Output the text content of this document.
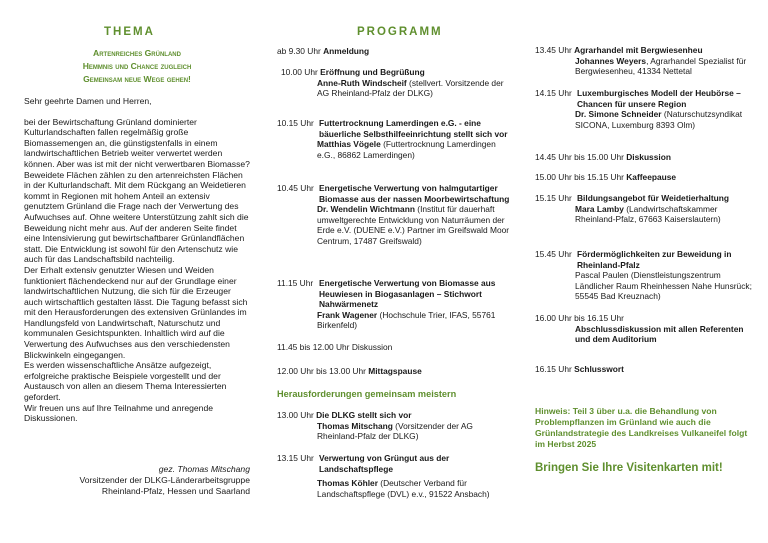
THEMA
Artenreiches Grünland
Hemmnis und Chance zugleich
Gemeinsam neue Wege gehen!

Sehr geehrte Damen und Herren,

bei der Bewirtschaftung Grünland dominierter Kulturlandschaften fallen regelmäßig große Biomassemengen an, die günstigstenfalls in einem landwirtschaftlichen Betrieb weiter verwertet werden können. Aber was ist mit der nicht verwertbaren Biomasse?

Beweidete Flächen zählen zu den artenreichsten Flächen in der Kulturlandschaft. Mit dem Rückgang an Weidetieren kommt in Regionen mit hohem Anteil an extensiv genutztem Grünland die Frage nach der Verwertung des Aufwuchses auf. Ohne weitere Unterstützung zahlt sich die Beweidung nicht mehr aus. Auf der anderen Seite findet eine Intensivierung gut bewirtschaftbarer Grünlandflächen statt. Die Entwicklung ist sowohl für den Artenschutz wie auch für das Landschaftsbild nachteilig.

Der Erhalt extensiv genutzter Wiesen und Weiden funktioniert flächendeckend nur auf der Grundlage einer landwirtschaftlichen Nutzung, die sich für die Erzeuger auch wirtschaftlich gestalten lässt. Die Tagung befasst sich mit den Herausforderungen des extensiven Grünlandes im Handlungsfeld von Landwirtschaft, Naturschutz und kommunalen Gesichtspunkten. Inhaltlich wird auf die Verwertung des Aufwuchses aus den verschiedensten Blickwinkeln eingegangen.

Es werden wissenschaftliche Ansätze aufgezeigt, erfolgreiche praktische Beispiele vorgestellt und der Austausch von allen an diesem Thema Interessierten gefordert.

Wir freuen uns auf Ihre Teilnahme und anregende Diskussionen.

gez. Thomas Mitschang
Vorsitzender der DLKG-Länderarbeitsgruppe
Rheinland-Pfalz, Hessen und Saarland
PROGRAMM
ab 9.30 Uhr Anmeldung
10.00 Uhr Eröffnung und Begrüßung
Anne-Ruth Windscheif (stellvert. Vorsitzende der AG Rheinland-Pfalz der DLKG)
10.15 Uhr Futtertrocknung Lamerdingen e.G. - eine bäuerliche Selbsthilfeeinrichtung stellt sich vor
Matthias Vögele (Futtertrocknung Lamerdingen e.G., 86862 Lamerdingen)
10.45 Uhr Energetische Verwertung von halmgutartiger Biomasse aus der nassen Moorbewirtschaftung
Dr. Wendelin Wichtmann (Institut für dauerhaft umweltgerechte Entwicklung von Naturräumen der Erde e.V. (DUENE e.V.) Partner im Greifswald Moor Centrum, 17487 Greifswald)
11.15 Uhr Energetische Verwertung von Biomasse aus Heuwiesen in Biogasanlagen – Stichwort Nahwärmenetz
Frank Wagener (Hochschule Trier, IFAS, 55761 Birkenfeld)
11.45 bis 12.00 Uhr Diskussion
12.00 Uhr bis 13.00 Uhr Mittagspause
Herausforderungen gemeinsam meistern
13.00 Uhr Die DLKG stellt sich vor
Thomas Mitschang (Vorsitzender der AG Rheinland-Pfalz der DLKG)
13.15 Uhr Verwertung von Grüngut aus der Landschaftspflege
Thomas Köhler (Deutscher Verband für Landschaftspflege (DVL) e.v., 91522 Ansbach)
13.45 Uhr Agrarhandel mit Bergwiesenheu
Johannes Weyers, Agrarhandel Spezialist für Bergwiesenheu, 41334 Nettetal
14.15 Uhr Luxemburgisches Modell der Heubörse – Chancen für unsere Region
Dr. Simone Schneider (Naturschutzsyndikat SICONA, Luxemburg 8393 Olm)
14.45 Uhr bis 15.00 Uhr Diskussion
15.00 Uhr bis 15.15 Uhr Kaffeepause
15.15 Uhr Bildungsangebot für Weidetierhaltung
Mara Lamby (Landwirtschaftskammer Rheinland-Pfalz, 67663 Kaiserslautern)
15.45 Uhr Fördermöglichkeiten zur Beweidung in Rheinland-Pfalz
Pascal Paulen (Dienstleistungszentrum Ländlicher Raum Rheinhessen Nahe Hunsrück; 55545 Bad Kreuznach)
16.00 Uhr bis 16.15 Uhr
Abschlussdiskussion mit allen Referenten und dem Auditorium
16.15 Uhr Schlusswort
Hinweis: Teil 3 über u.a. die Behandlung von Problempflanzen im Grünland wie auch die Grünlandstrategie des Landkreises Vulkaneifel folgt im Herbst 2025
Bringen Sie Ihre Visitenkarten mit!
